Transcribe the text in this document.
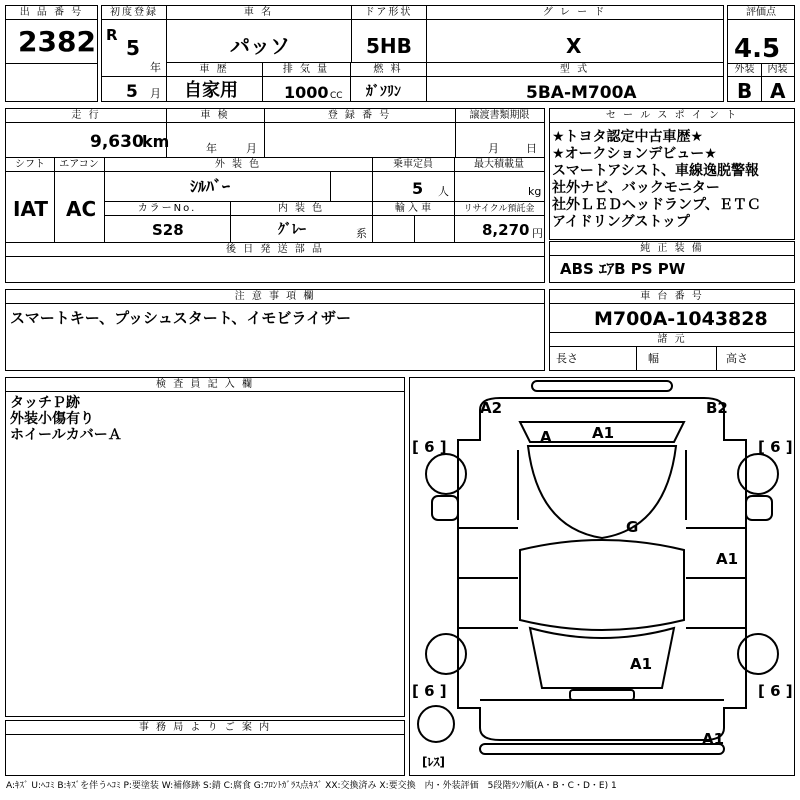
出 品 番 号
2382
初度登録
R
5
年
5 月
車 名
パッソ
ドア形状
5HB
グ レ ー ド
X
車 歴
自家用
排 気 量
1000 CC
燃 料
ｶﾞｿﾘﾝ
型 式
5BA-M700A
評価点
4.5
外装	内装
B A
走 行
9,630
km
車 検
年	月
登 録 番 号	譲渡書類期限
月 日
シフト
IAT
エアコン
AC
外 装 色
ｼﾙﾊﾞｰ
乗車定員
5 人
最大積載量
kg
カラーNo.
S28
内 装 色
ｸﾞﾚｰ	系
輸 入 車	リサイクル預託金
8,270 円
後 日 発 送 部 品
セ ー ル ス ポ イ ン ト
★トヨタ認定中古車歴★
★オークションデビュー★
スマートアシスト、車線逸脱警報
社外ナビ、バックモニター
社外ＬＥＤヘッドランプ、ＥＴＣ
アイドリングストップ
純 正 装 備
ABS ｴｱB PS PW
注 意 事 項 欄
スマートキー、プッシュスタート、イモビライザー
車 台 番 号
M700A-1043828
諸 元
長さ	幅	高さ
検 査 員 記 入 欄
タッチＰ跡
外装小傷有り
ホイールカバーＡ
事 務 局 よ り ご 案 内
A2	B2
A	A1
G
A1
A1
A1
[ 6 ]	[ 6 ]
[ 6 ]	[ 6 ]
[ﾚｽ]
A:ｷｽﾞ U:ﾍｺﾐ B:ｷｽﾞを伴うﾍｺﾐ P:要塗装 W:補修跡 S:錆 C:腐食 G:ﾌﾛﾝﾄｶﾞﾗｽ点ｷｽﾞ XX:交換済み X:要交換　内・外装評価　5段階ﾗﾝｸ順(A・B・C・D・E) 1
